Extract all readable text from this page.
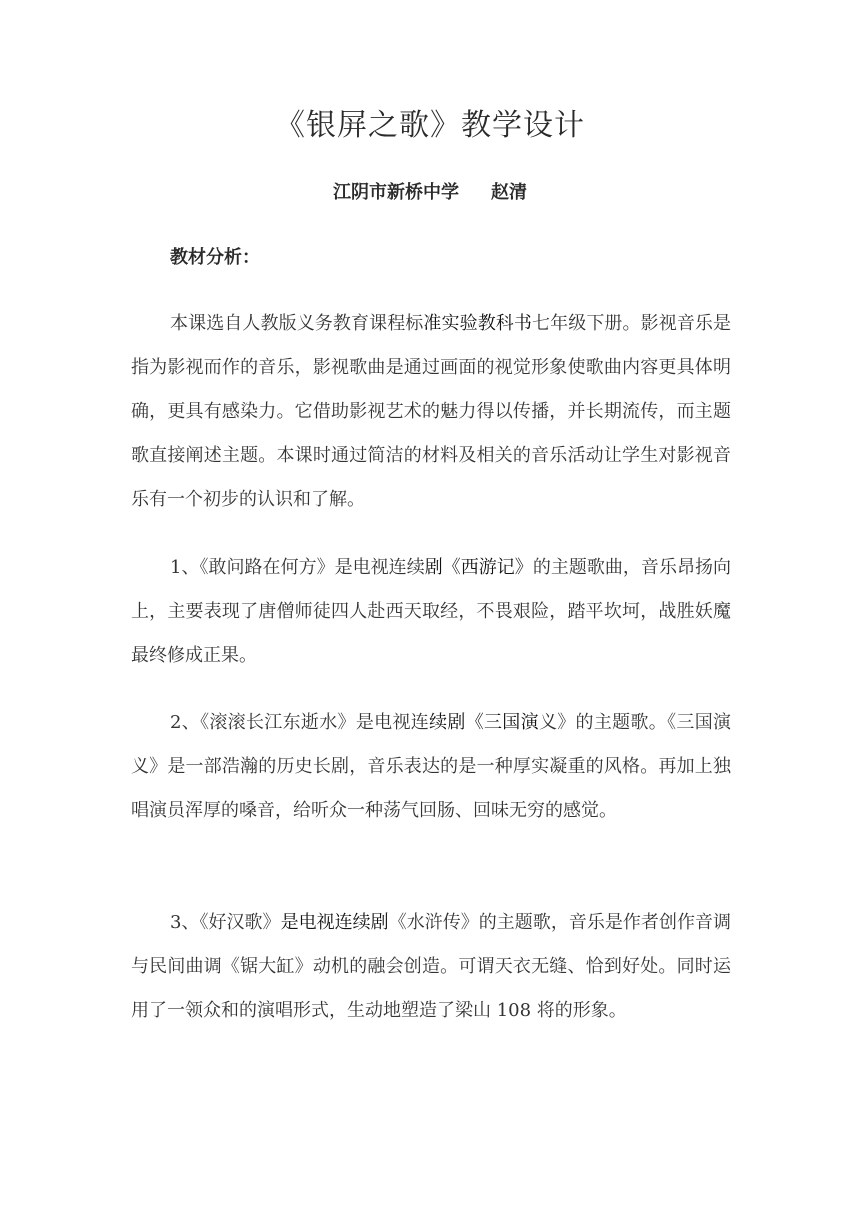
《银屏之歌》教学设计
江阴市新桥中学 赵清
教材分析：

本课选自人教版义务教育课程标准实验教科书七年级下册。影视音乐是指为影视而作的音乐，影视歌曲是通过画面的视觉形象使歌曲内容更具体明确，更具有感染力。它借助影视艺术的魅力得以传播，并长期流传，而主题歌直接阐述主题。本课时通过简洁的材料及相关的音乐活动让学生对影视音乐有一个初步的认识和了解。

1、《敢问路在何方》是电视连续剧《西游记》的主题歌曲，音乐昂扬向上，主要表现了唐僧师徒四人赴西天取经，不畏艰险，踏平坎坷，战胜妖魔最终修成正果。

2、《滚滚长江东逝水》是电视连续剧《三国演义》的主题歌。《三国演义》是一部浩瀚的历史长剧，音乐表达的是一种厚实凝重的风格。再加上独唱演员浑厚的嗓音，给听众一种荡气回肠、回味无穷的感觉。

3、《好汉歌》是电视连续剧《水浒传》的主题歌，音乐是作者创作音调与民间曲调《锯大缸》动机的融会创造。可谓天衣无缝、恰到好处。同时运用了一领众和的演唱形式，生动地塑造了梁山 108 将的形象。
